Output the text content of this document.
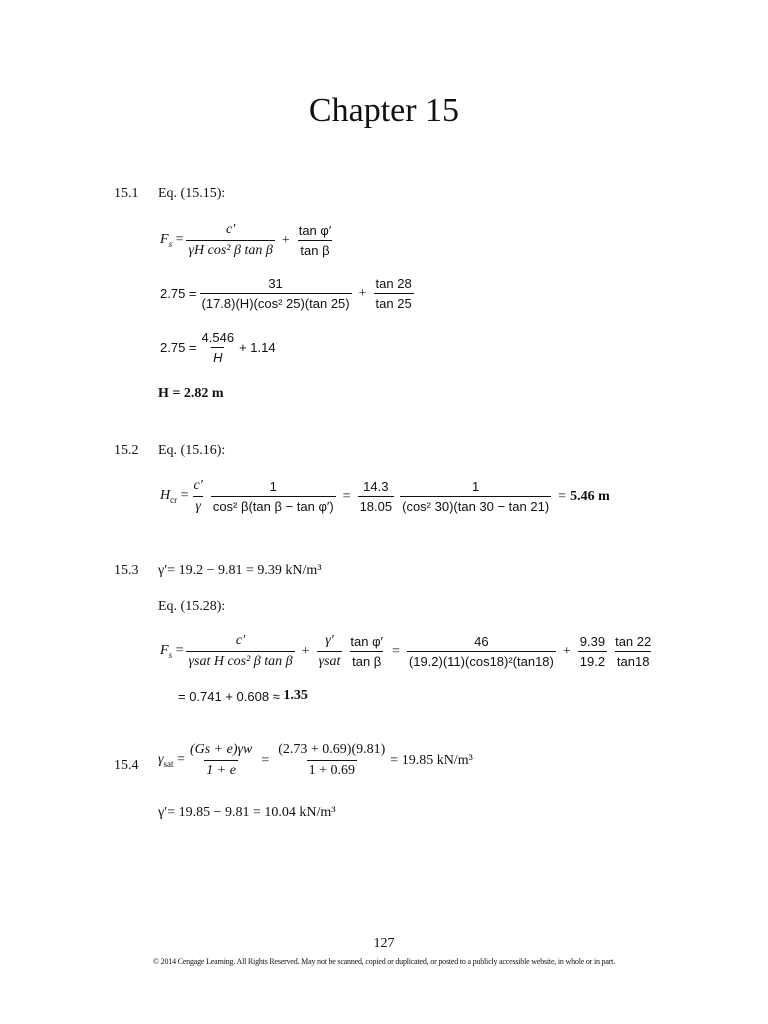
Chapter 15
15.1 Eq. (15.15):
$F_s = \frac{c'}{\text{γH cos² β tan β}} + \frac{\text{tan φ′}}{\text{tan β}}$
$2.75 = \frac{31}{\text{(17.8)(H)(cos² 25)(tan 25)}} + \frac{\tan 28}{\tan 25}$
$2.75 = \frac{4.546}{H} + 1.14$
H = 2.82 m
15.2 Eq. (15.16):
$H_{cr} = \frac{c'}{\gamma} \frac{1}{\text{cos² β(tan β − tan φ′)}} = \frac{14.3}{18.05} \frac{1}{\text{(cos² 30)(tan 30 − tan 21)}} = 5.46$ m
15.3 γ′= 19.2 − 9.81 = 9.39 kN/m³
Eq. (15.28):
$F_s = \frac{c'}{\text{γsat H cos² β tan β}} + \frac{\gamma'}{\text{γsat}} \frac{\text{tan φ′}}{\text{tan β}} = \frac{46}{\text{(19.2)(11)(cos18)²(tan18)}} + \frac{9.39}{19.2} \frac{\tan 22}{\tan 18}$
= 0.741 + 0.608 ≈
1.35
15.4 $\gamma_{sat} = \frac{(Gs + e)\gamma w}{1 + e} = \frac{(2.73 + 0.69)(9.81)}{1 + 0.69} = 19.85$ kN/m³
γ′= 19.85 − 9.81 = 10.04 kN/m³
127
© 2014 Cengage Learning. All Rights Reserved. May not be scanned, copied or duplicated, or posted to a publicly accessible website, in whole or in part.
